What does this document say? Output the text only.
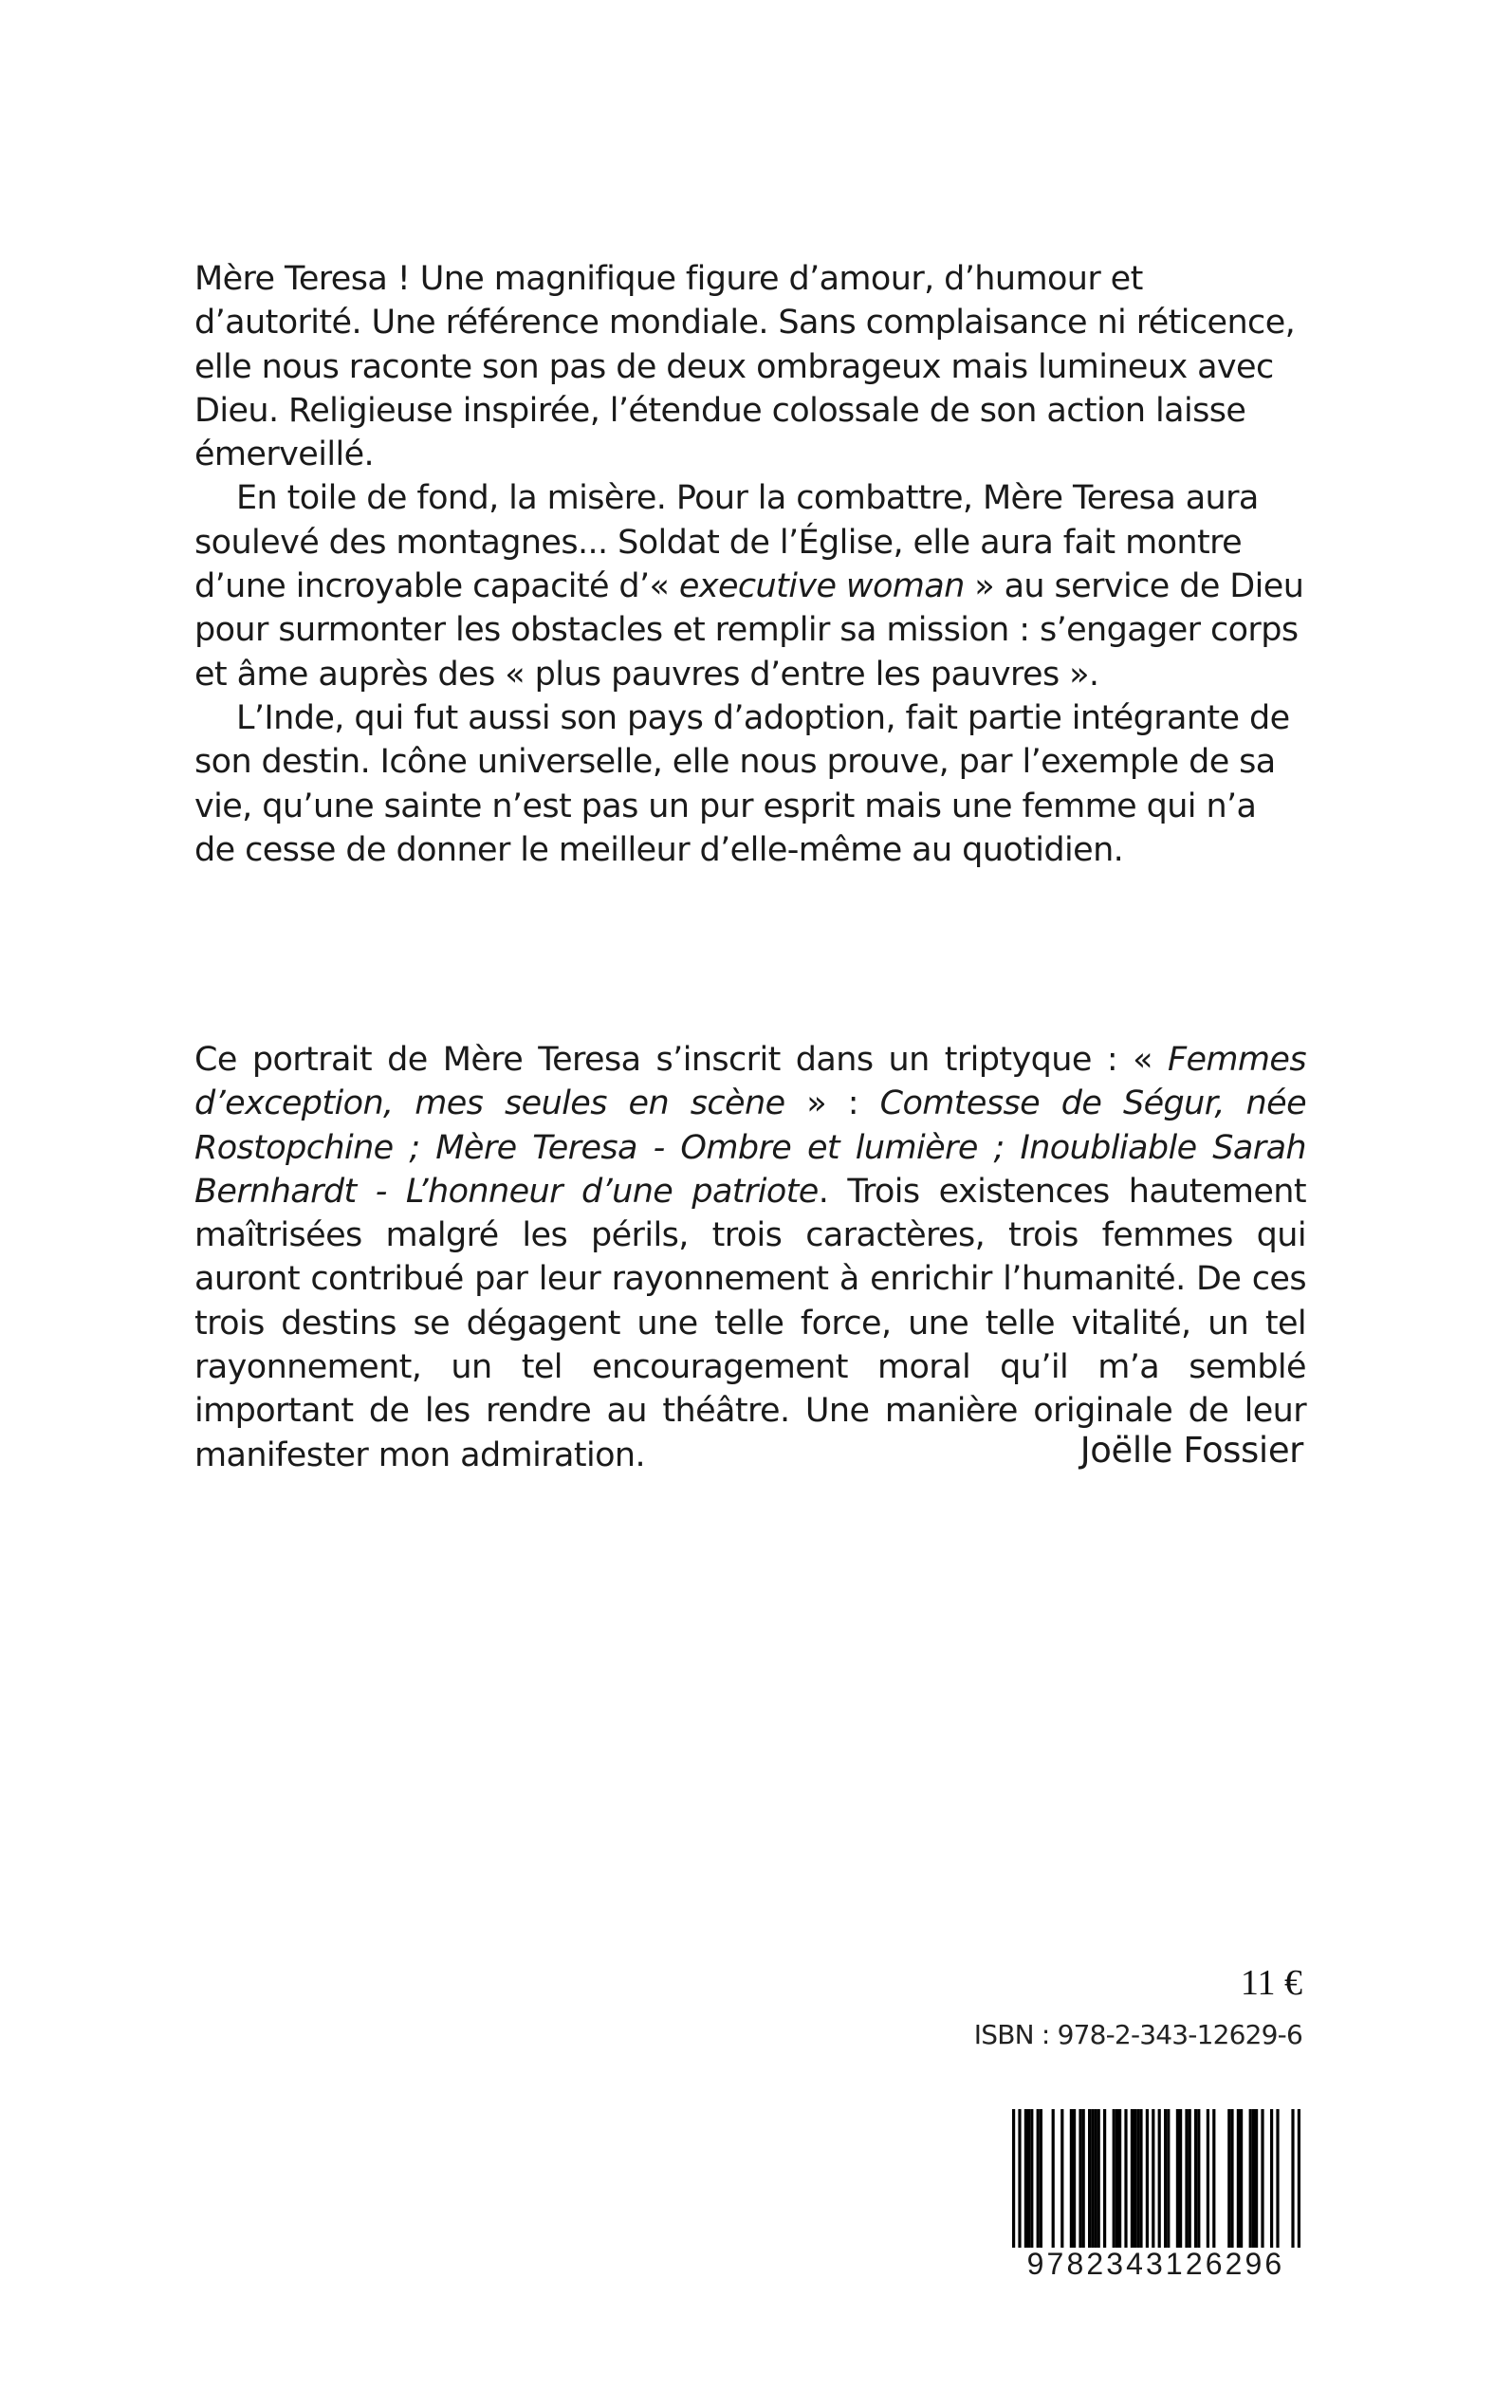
Mère Teresa ! Une magnifique figure d’amour, d’humour et d’autorité. Une référence mondiale. Sans complaisance ni réticence, elle nous raconte son pas de deux ombrageux mais lumineux avec Dieu. Religieuse inspirée, l’étendue colossale de son action laisse émerveillé.

En toile de fond, la misère. Pour la combattre, Mère Teresa aura soulevé des montagnes... Soldat de l’Église, elle aura fait montre d’une incroyable capacité d’« executive woman » au service de Dieu pour surmonter les obstacles et remplir sa mission : s’engager corps et âme auprès des « plus pauvres d’entre les pauvres ».

L’Inde, qui fut aussi son pays d’adoption, fait partie intégrante de son destin. Icône universelle, elle nous prouve, par l’exemple de sa vie, qu’une sainte n’est pas un pur esprit mais une femme qui n’a de cesse de donner le meilleur d’elle-même au quotidien.

Ce portrait de Mère Teresa s’inscrit dans un triptyque : « Femmes d’exception, mes seules en scène » : Comtesse de Ségur, née Rostopchine ; Mère Teresa - Ombre et lumière ; Inoubliable Sarah Bernhardt - L’honneur d’une patriote. Trois existences hautement maîtrisées malgré les périls, trois caractères, trois femmes qui auront contribué par leur rayonnement à enrichir l’humanité. De ces trois destins se dégagent une telle force, une telle vitalité, un tel rayonnement, un tel encouragement moral qu’il m’a semblé important de les rendre au théâtre. Une manière originale de leur manifester mon admiration.	Joëlle Fossier
11 €
ISBN : 978-2-343-12629-6
9782343126296
